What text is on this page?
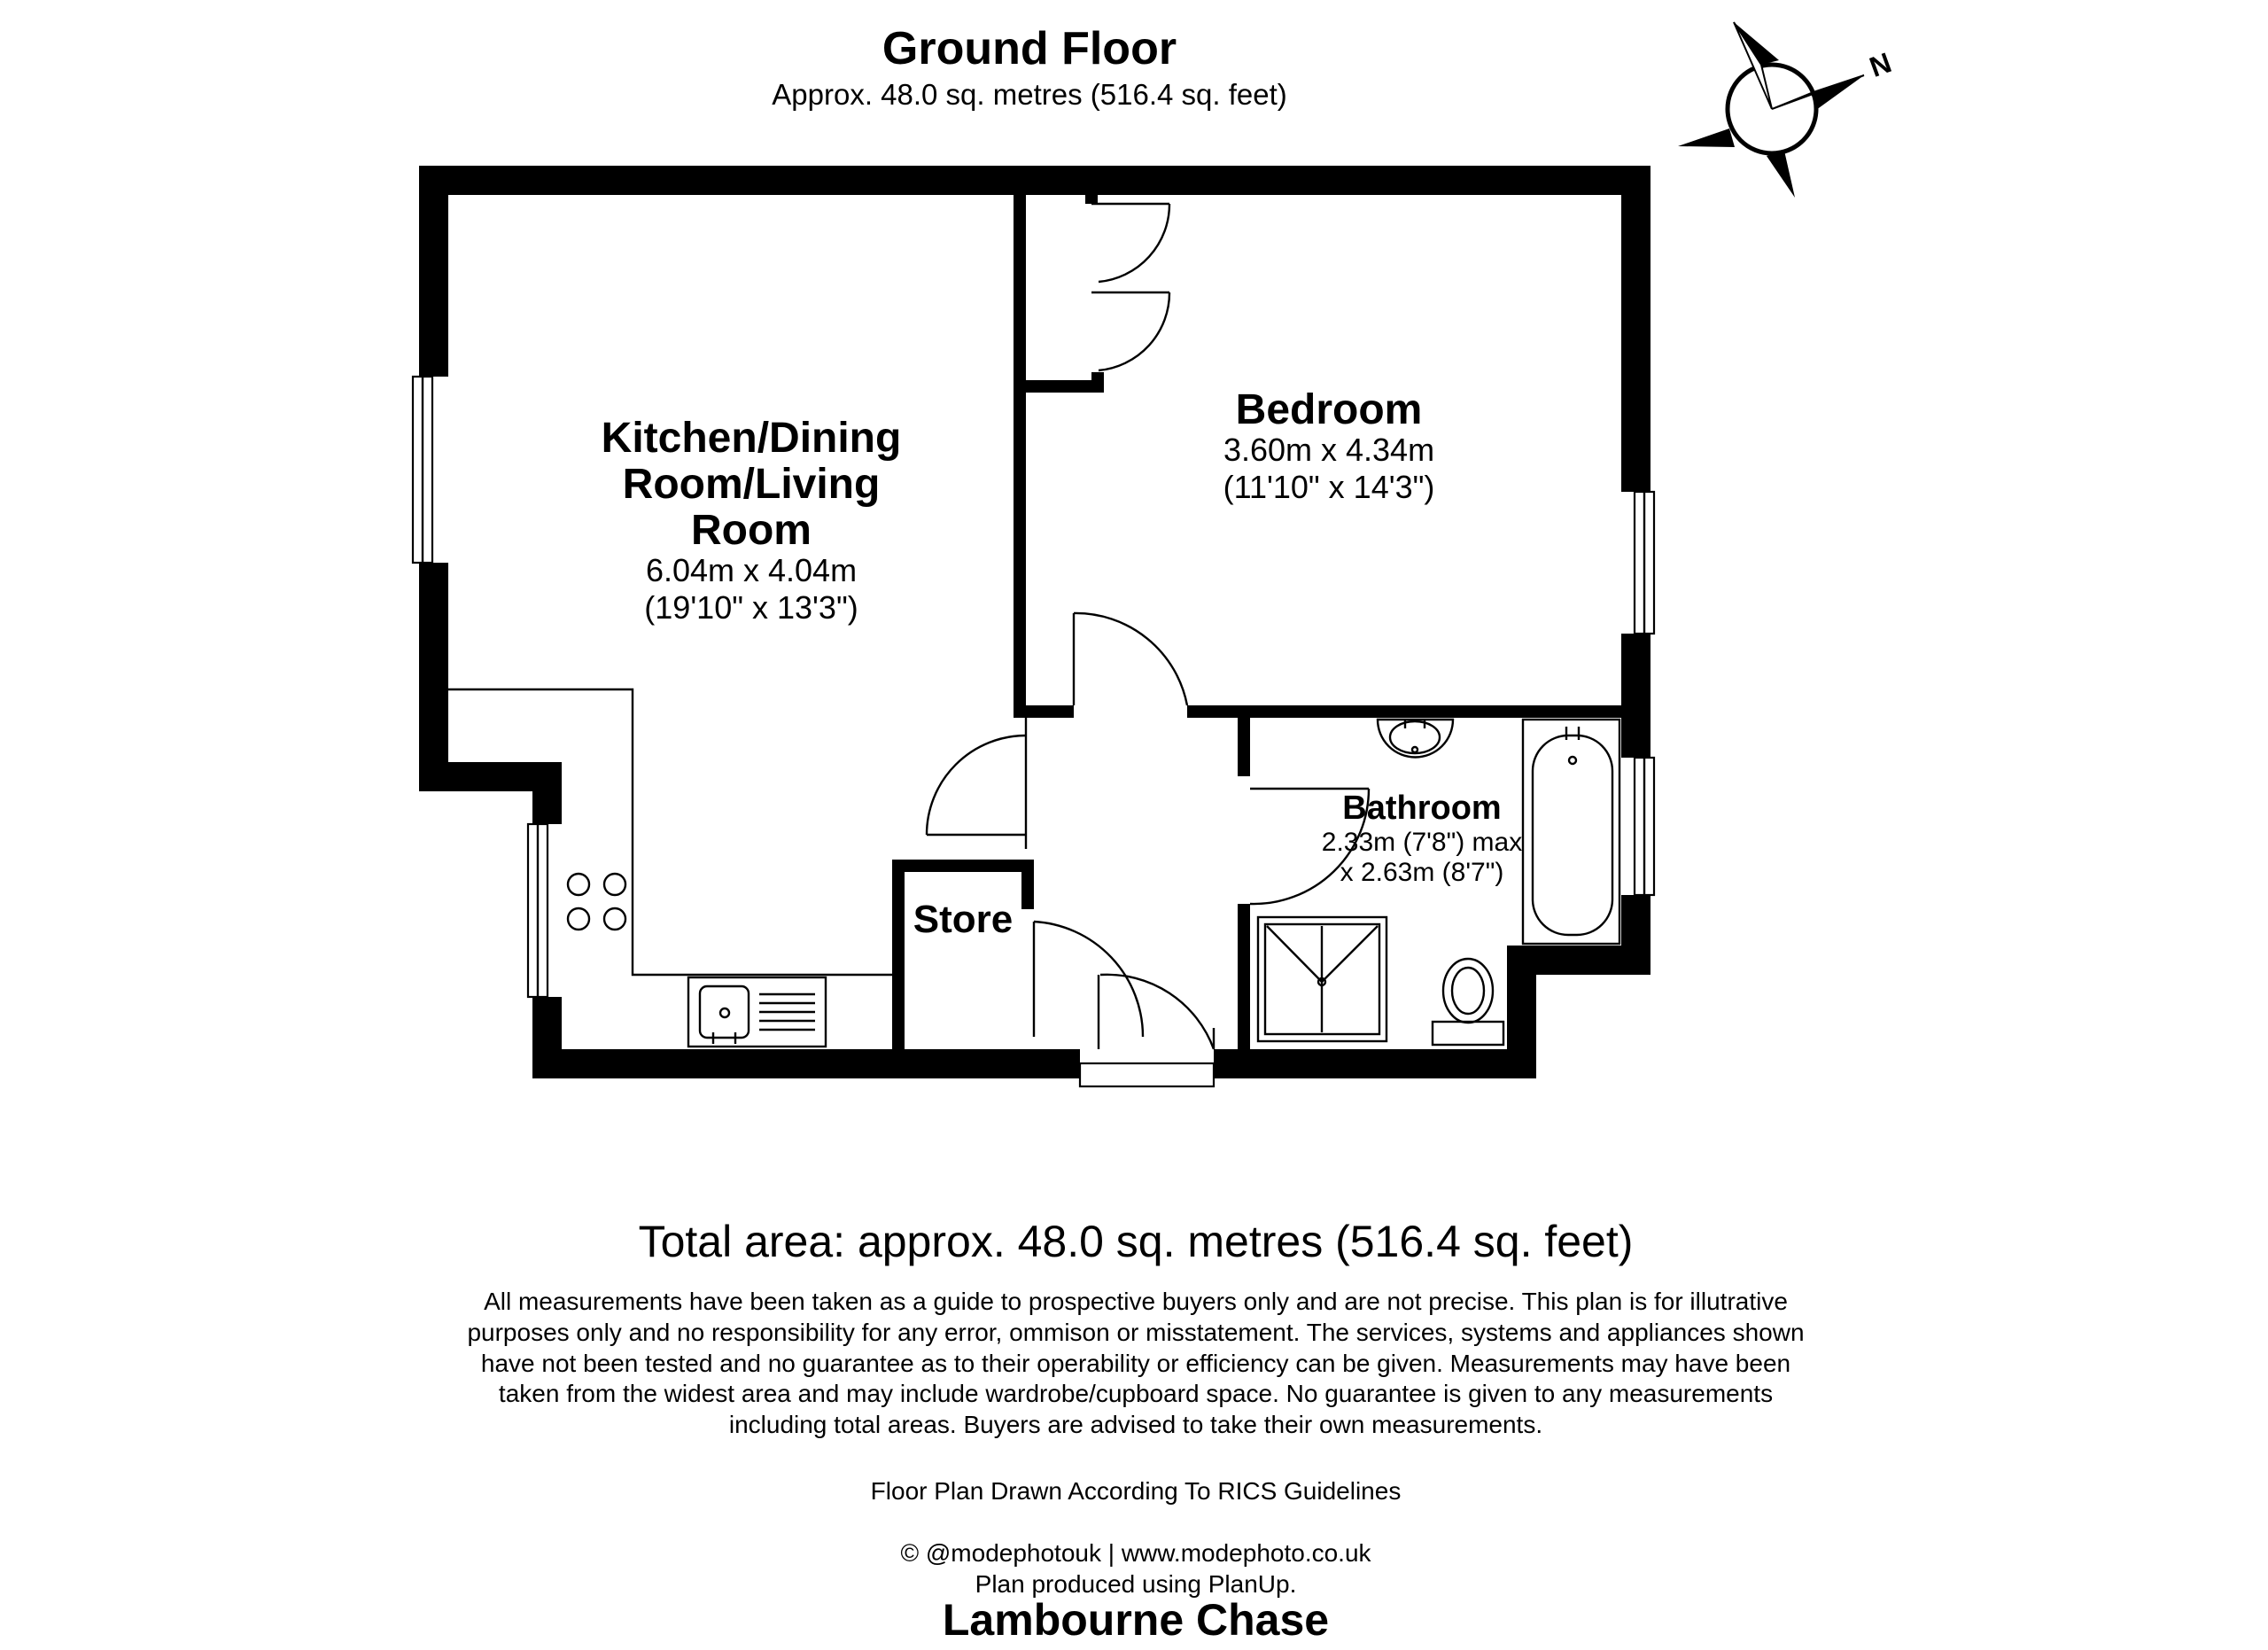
Ground Floor
Approx. 48.0 sq. metres (516.4 sq. feet)
N
Kitchen/Dining
Room/Living
Room
6.04m x 4.04m
(19'10" x 13'3")
Bedroom
3.60m x 4.34m
(11'10" x 14'3")
Bathroom
2.33m (7'8") max
x 2.63m (8'7")
Store
Total area: approx. 48.0 sq. metres (516.4 sq. feet)
All measurements have been taken as a guide to prospective buyers only and are not precise. This plan is for illutrative
purposes only and no responsibility for any error, ommison or misstatement. The services, systems and appliances shown
have not been tested and no guarantee as to their operability or efficiency can be given. Measurements may have been
taken from the widest area and may include wardrobe/cupboard space. No guarantee is given to any measurements
including total areas. Buyers are advised to take their own measurements.
Floor Plan Drawn According To RICS Guidelines
© @modephotouk | www.modephoto.co.uk
Plan produced using PlanUp.
Lambourne Chase
